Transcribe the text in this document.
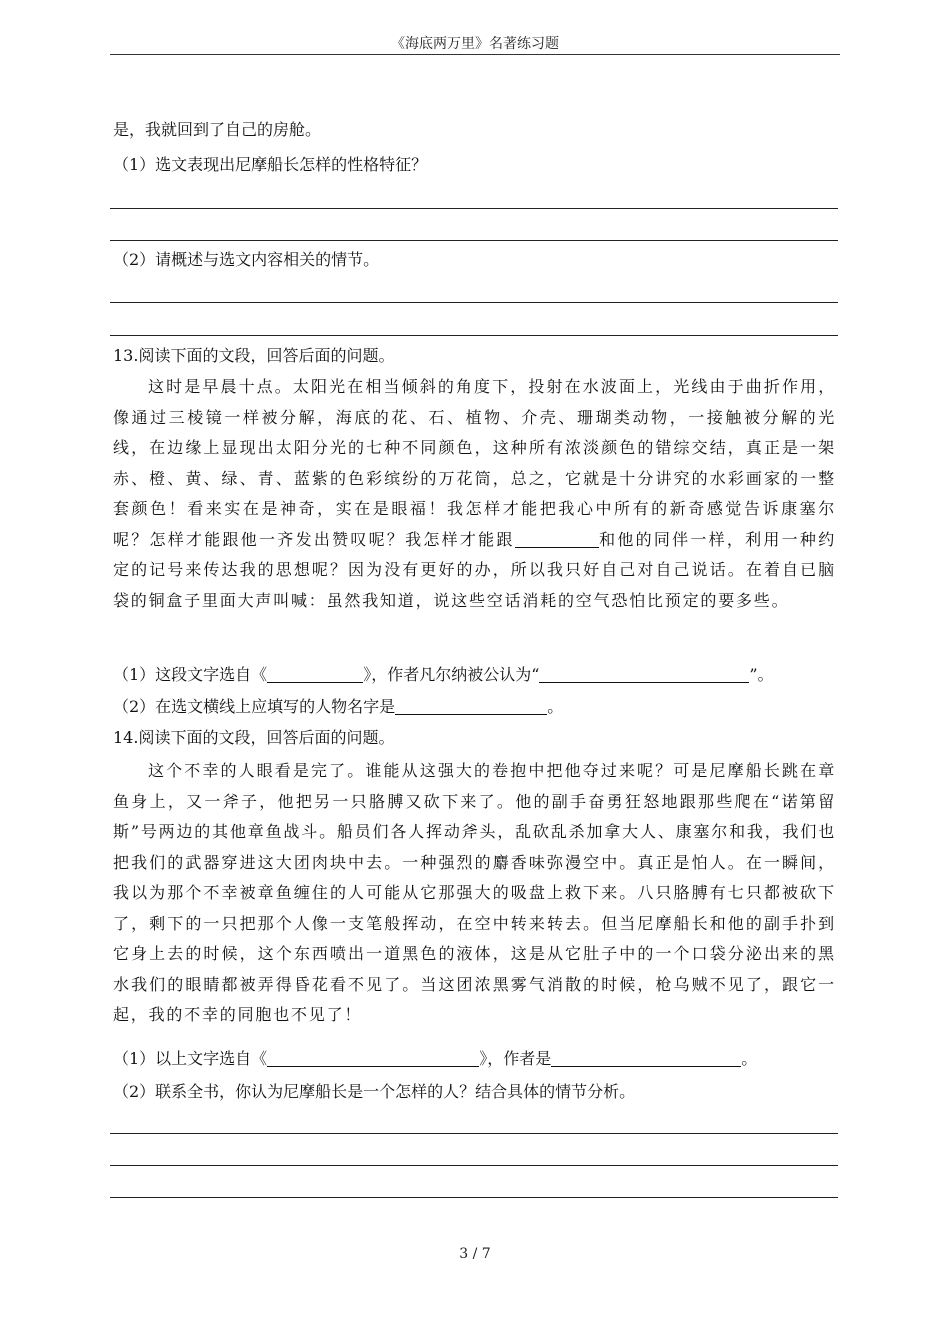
《海底两万里》名著练习题
是，我就回到了自己的房舱。
（1）选文表现出尼摩船长怎样的性格特征？
（2）请概述与选文内容相关的情节。
13.阅读下面的文段，回答后面的问题。
这时是早晨十点。太阳光在相当倾斜的角度下，投射在水波面上，光线由于曲折作用，像通过三棱镜一样被分解，海底的花、石、植物、介壳、珊瑚类动物，一接触被分解的光线，在边缘上显现出太阳分光的七种不同颜色，这种所有浓淡颜色的错综交结，真正是一架赤、橙、黄、绿、青、蓝紫的色彩缤纷的万花筒，总之，它就是十分讲究的水彩画家的一整套颜色！看来实在是神奇，实在是眼福！我怎样才能把我心中所有的新奇感觉告诉康塞尔呢？怎样才能跟他一齐发出赞叹呢？我怎样才能跟	和他的同伴一样，利用一种约定的记号来传达我的思想呢？因为没有更好的办，所以我只好自己对自己说话。在着自已脑袋的铜盒子里面大声叫喊：虽然我知道，说这些空话消耗的空气恐怕比预定的要多些。
（1）这段文字选自《	》，作者凡尔纳被公认为“	”。
（2）在选文横线上应填写的人物名字是	。
14.阅读下面的文段，回答后面的问题。
这个不幸的人眼看是完了。谁能从这强大的卷抱中把他夺过来呢？可是尼摩船长跳在章鱼身上，又一斧子，他把另一只胳膊又砍下来了。他的副手奋勇狂怒地跟那些爬在“诺第留斯”号两边的其他章鱼战斗。船员们各人挥动斧头，乱砍乱杀加拿大人、康塞尔和我，我们也把我们的武器穿进这大团肉块中去。一种强烈的麝香味弥漫空中。真正是怕人。在一瞬间，我以为那个不幸被章鱼缠住的人可能从它那强大的吸盘上救下来。八只胳膊有七只都被砍下了，剩下的一只把那个人像一支笔般挥动，在空中转来转去。但当尼摩船长和他的副手扑到它身上去的时候，这个东西喷出一道黑色的液体，这是从它肚子中的一个口袋分泌出来的黑水我们的眼睛都被弄得昏花看不见了。当这团浓黑雾气消散的时候，枪乌贼不见了，跟它一起，我的不幸的同胞也不见了！
（1）以上文字选自《	》，作者是	。
（2）联系全书，你认为尼摩船长是一个怎样的人？结合具体的情节分析。
3 / 7
